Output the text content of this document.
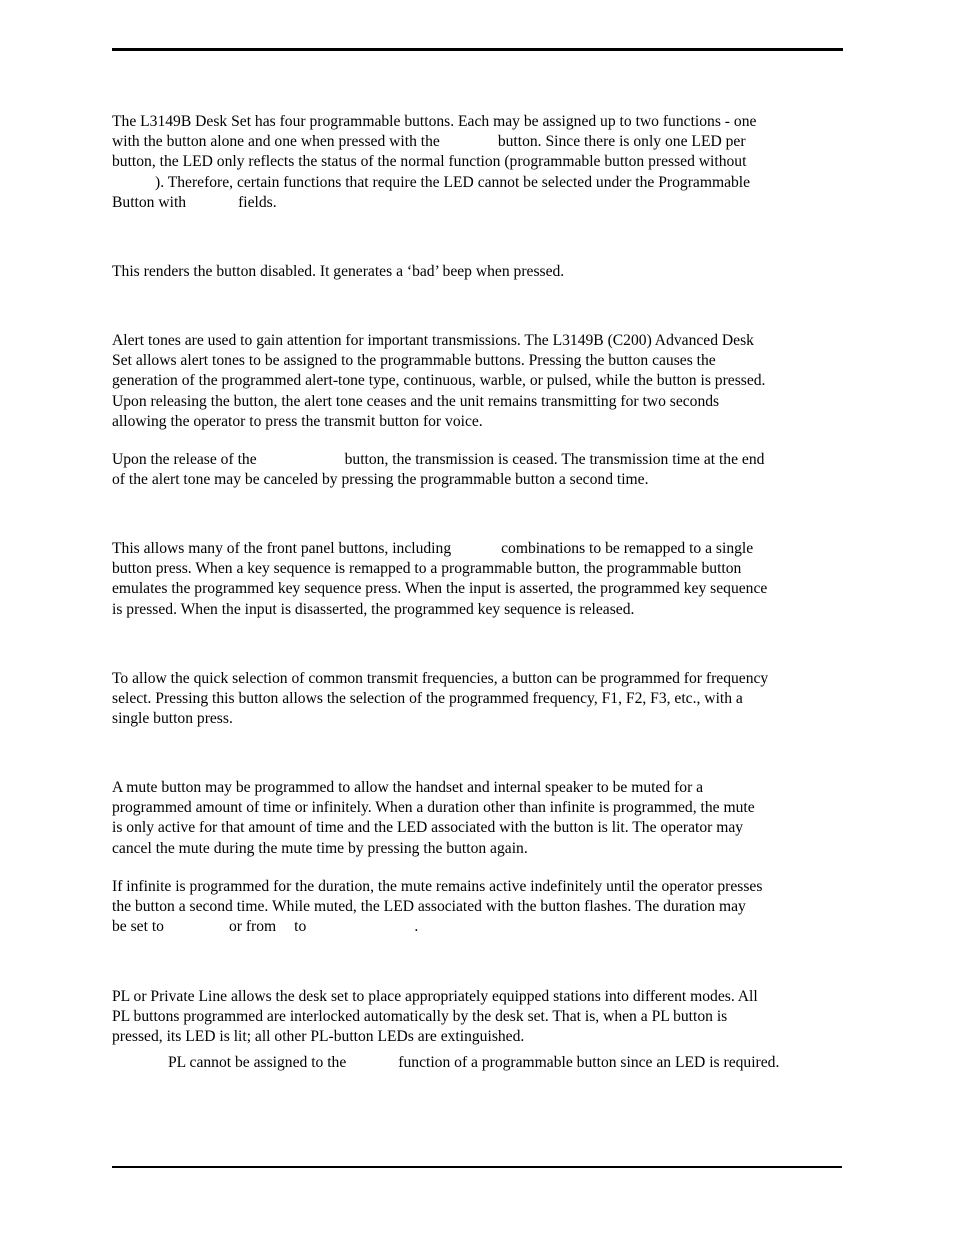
The L3149B Desk Set has four programmable buttons. Each may be assigned up to two functions - one
with the button alone and one when pressed with the	button. Since there is only one LED per
button, the LED only reflects the status of the normal function (programmable button pressed without
). Therefore, certain functions that require the LED cannot be selected under the Programmable
Button with	fields.

This renders the button disabled. It generates a ‘bad’ beep when pressed.

Alert tones are used to gain attention for important transmissions. The L3149B (C200) Advanced Desk
Set allows alert tones to be assigned to the programmable buttons. Pressing the button causes the
generation of the programmed alert-tone type, continuous, warble, or pulsed, while the button is pressed.
Upon releasing the button, the alert tone ceases and the unit remains transmitting for two seconds
allowing the operator to press the transmit button for voice.

Upon the release of the	button, the transmission is ceased. The transmission time at the end
of the alert tone may be canceled by pressing the programmable button a second time.

This allows many of the front panel buttons, including	combinations to be remapped to a single
button press. When a key sequence is remapped to a programmable button, the programmable button
emulates the programmed key sequence press. When the input is asserted, the programmed key sequence
is pressed. When the input is disasserted, the programmed key sequence is released.

To allow the quick selection of common transmit frequencies, a button can be programmed for frequency
select. Pressing this button allows the selection of the programmed frequency, F1, F2, F3, etc., with a
single button press.

A mute button may be programmed to allow the handset and internal speaker to be muted for a
programmed amount of time or infinitely. When a duration other than infinite is programmed, the mute
is only active for that amount of time and the LED associated with the button is lit. The operator may
cancel the mute during the mute time by pressing the button again.

If infinite is programmed for the duration, the mute remains active indefinitely until the operator presses
the button a second time. While muted, the LED associated with the button flashes. The duration may
be set to	or from to	.

PL or Private Line allows the desk set to place appropriately equipped stations into different modes. All
PL buttons programmed are interlocked automatically by the desk set. That is, when a PL button is
pressed, its LED is lit; all other PL-button LEDs are extinguished.

PL cannot be assigned to the	function of a programmable button since an LED is required.
